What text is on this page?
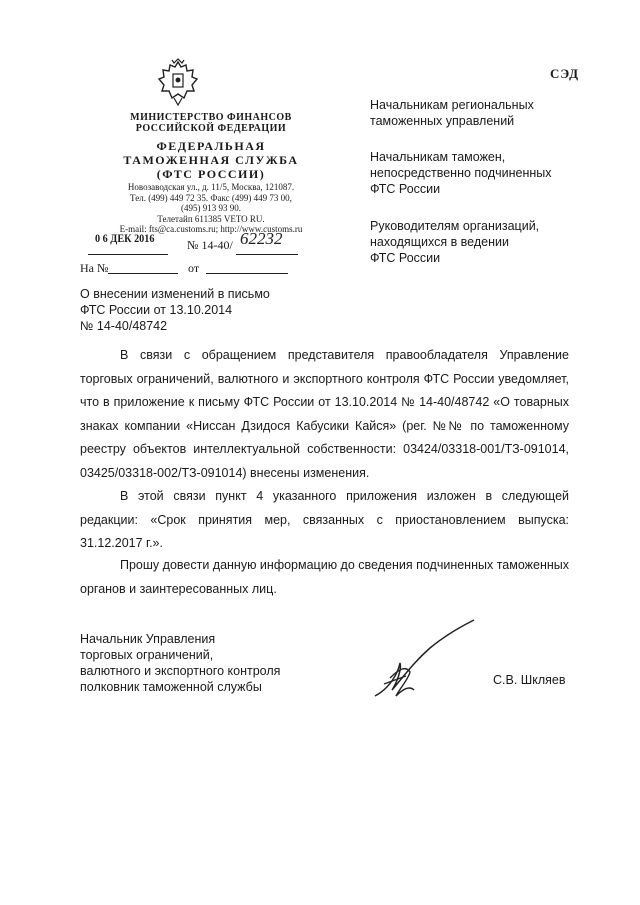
СЭД
МИНИСТЕРСТВО ФИНАНСОВ
РОССИЙСКОЙ ФЕДЕРАЦИИ
ФЕДЕРАЛЬНАЯ
ТАМОЖЕННАЯ СЛУЖБА
(ФТС РОССИИ)
Новозаводская ул., д. 11/5, Москва, 121087.
Тел. (499) 449 72 35. Факс (499) 449 73 00,
(495) 913 93 90.
Телетайп 611385 VETO RU.
E-mail: fts@ca.customs.ru; http://www.customs.ru
0 6 ДЕК 2016	№ 14-40/ 62232
На №	от
Начальникам региональных
таможенных управлений
Начальникам таможен,
непосредственно подчиненных
ФТС России
Руководителям организаций,
находящихся в ведении
ФТС России
О внесении изменений в письмо
ФТС России от 13.10.2014
№ 14-40/48742
В связи с обращением представителя правообладателя Управление торговых ограничений, валютного и экспортного контроля ФТС России уведомляет, что в приложение к письму ФТС России от 13.10.2014 № 14-40/48742 «О товарных знаках компании «Ниссан Дзидося Кабусики Кайся» (рег. №№ по таможенному реестру объектов интеллектуальной собственности: 03424/03318-001/ТЗ-091014, 03425/03318-002/ТЗ-091014) внесены изменения.
В этой связи пункт 4 указанного приложения изложен в следующей редакции: «Срок принятия мер, связанных с приостановлением выпуска: 31.12.2017 г.».
Прошу довести данную информацию до сведения подчиненных таможенных органов и заинтересованных лиц.
Начальник Управления
торговых ограничений,
валютного и экспортного контроля
полковник таможенной службы	С.В. Шкляев
